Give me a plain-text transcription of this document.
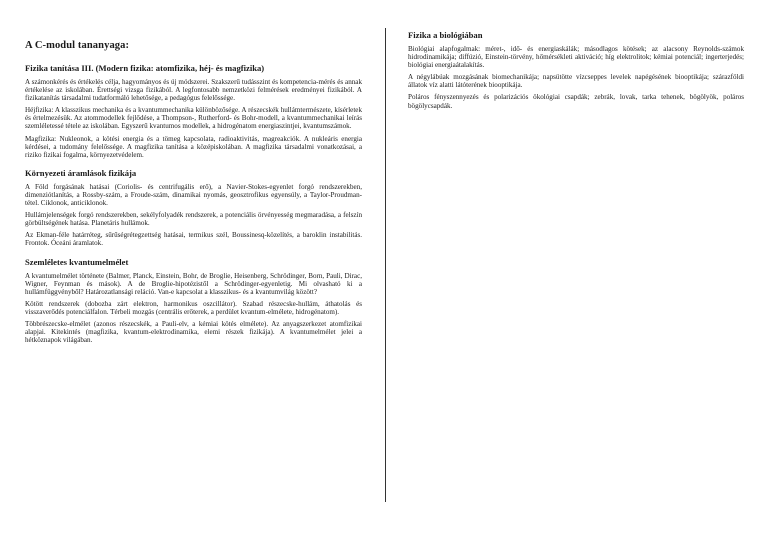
A C-modul tananyaga:
Fizika tanítása III. (Modern fizika: atomfizika, héj- és magfizika)

A számonkérés és értékelés célja, hagyományos és új módszerei. Szakszerű tudásszint és kompetencia-mérés és annak értékelése az iskolában. Érettségi vizsga fizikából. A legfontosabb nemzetközi felmérések eredményei fizikából. A fizikatanítás társadalmi tudatformáló lehetősége, a pedagógus felelőssége.

Héjfizika: A klasszikus mechanika és a kvantummechanika különbözősége. A részecskék hullámtermészete, kísérletek és értelmezésük. Az atommodellek fejlődése, a Thompson-, Rutherford- és Bohr-modell, a kvantummechanikai leírás szemléletessé tétele az iskolában. Egyszerű kvantumos modellek, a hidrogénatom energiaszintjei, kvantumszámok.

Magfizika: Nukleonok, a kötési energia és a tömeg kapcsolata, radioaktivitás, magreakciók. A nukleáris energia kérdései, a tudomány felelőssége. A magfizika tanítása a középiskolában. A magfizika társadalmi vonatkozásai, a riziko fizikai fogalma, környezetvédelem.

Környezeti áramlások fizikája

A Föld forgásának hatásai (Coriolis- és centrifugális erő), a Navier-Stokes-egyenlet forgó rendszerekben, dimenziótlanítás, a Rossby-szám, a Froude-szám, dinamikai nyomás, geosztrofikus egyensúly, a Taylor-Proudman-tétel. Ciklonok, anticiklonok.

Hullámjelenségek forgó rendszerekben, sekélyfolyadék rendszerek, a potenciális örvényesség megmaradása, a felszín görbültségének hatása. Planetáris hullámok.

Az Ekman-féle határréteg, sűrűségrétegzettség hatásai, termikus szél, Boussinesq-közelítés, a baroklin instabilitás. Frontok. Óceáni áramlatok.

Szemléletes kvantumelmélet

A kvantumelmélet története (Balmer, Planck, Einstein, Bohr, de Broglie, Heisenberg, Schrödinger, Born, Pauli, Dirac, Wigner, Feynman és mások). A de Broglie-hipotézistől a Schrödinger-egyenletig. Mi olvasható ki a hullámfüggvényből? Határozatlansági reláció. Van-e kapcsolat a klasszikus- és a kvantumvilág között?

Kötött rendszerek (dobozba zárt elektron, harmonikus oszcillátor). Szabad részecske-hullám, áthatolás és visszaverődés potenciálfalon. Térbeli mozgás (centrális erőterek, a perdület kvantum-elmélete, hidrogénatom).

Többrészecske-elmélet (azonos részecskék, a Pauli-elv, a kémiai kötés elmélete). Az anyagszerkezet atomfizikai alapjai. Kitekintés (magfizika, kvantum-elektrodinamika, elemi részek fizikája). A kvantumelmélet jelei a hétköznapok világában.

Fizika a biológiában

Biológiai alapfogalmak: méret-, idő- és energiaskálák; másodlagos kötések; az alacsony Reynolds-számok hidrodinamikája; diffúzió, Einstein-törvény, hőmérsékleti aktiváció; híg elektrolitok; kémiai potenciál; ingerterjedés; biológiai energiaátalakítás.

A négylábúak mozgásának biomechanikája; napsütötte vízcseppes levelek napégésének biooptikája; szárazföldi állatok víz alatti látóterének biooptikája.

Poláros fényszennyezés és polarizációs ökológiai csapdák; zebrák, lovak, tarka tehenek, bögölyök, poláros bögölycsapdák.
